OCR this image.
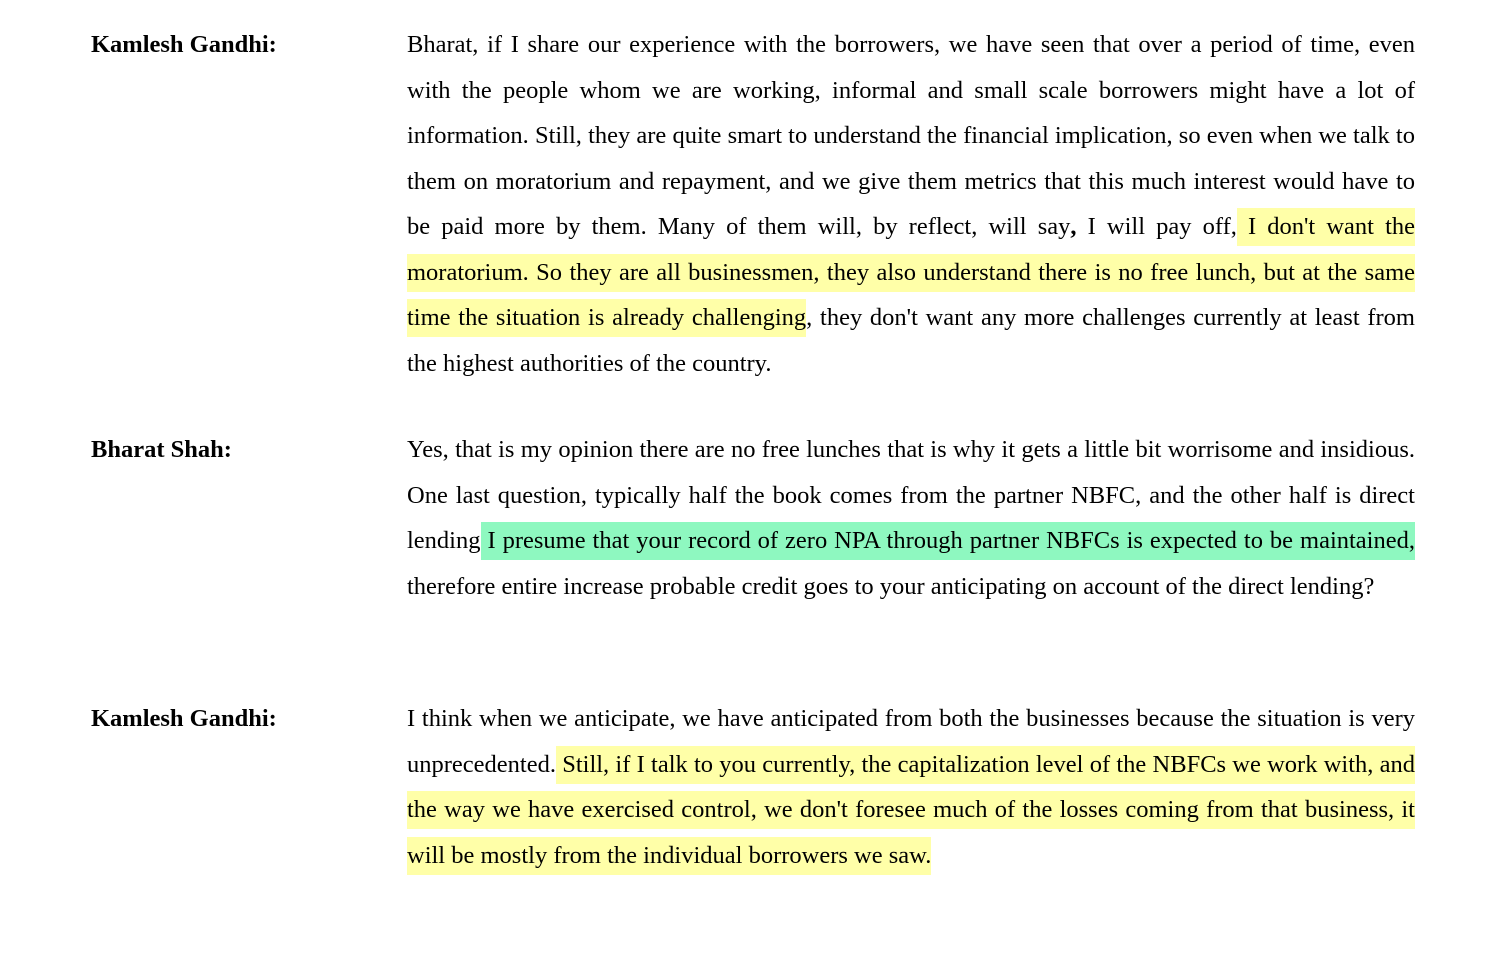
Kamlesh Gandhi:	Bharat, if I share our experience with the borrowers, we have seen that over a period of time, even with the people whom we are working, informal and small scale borrowers might have a lot of information. Still, they are quite smart to understand the financial implication, so even when we talk to them on moratorium and repayment, and we give them metrics that this much interest would have to be paid more by them. Many of them will, by reflect, will say, I will pay off, I don't want the moratorium. So they are all businessmen, they also understand there is no free lunch, but at the same time the situation is already challenging, they don't want any more challenges currently at least from the highest authorities of the country.

Bharat Shah:	Yes, that is my opinion there are no free lunches that is why it gets a little bit worrisome and insidious. One last question, typically half the book comes from the partner NBFC, and the other half is direct lending I presume that your record of zero NPA through partner NBFCs is expected to be maintained, therefore entire increase probable credit goes to your anticipating on account of the direct lending?

Kamlesh Gandhi:	I think when we anticipate, we have anticipated from both the businesses because the situation is very unprecedented. Still, if I talk to you currently, the capitalization level of the NBFCs we work with, and the way we have exercised control, we don't foresee much of the losses coming from that business, it will be mostly from the individual borrowers we saw.
